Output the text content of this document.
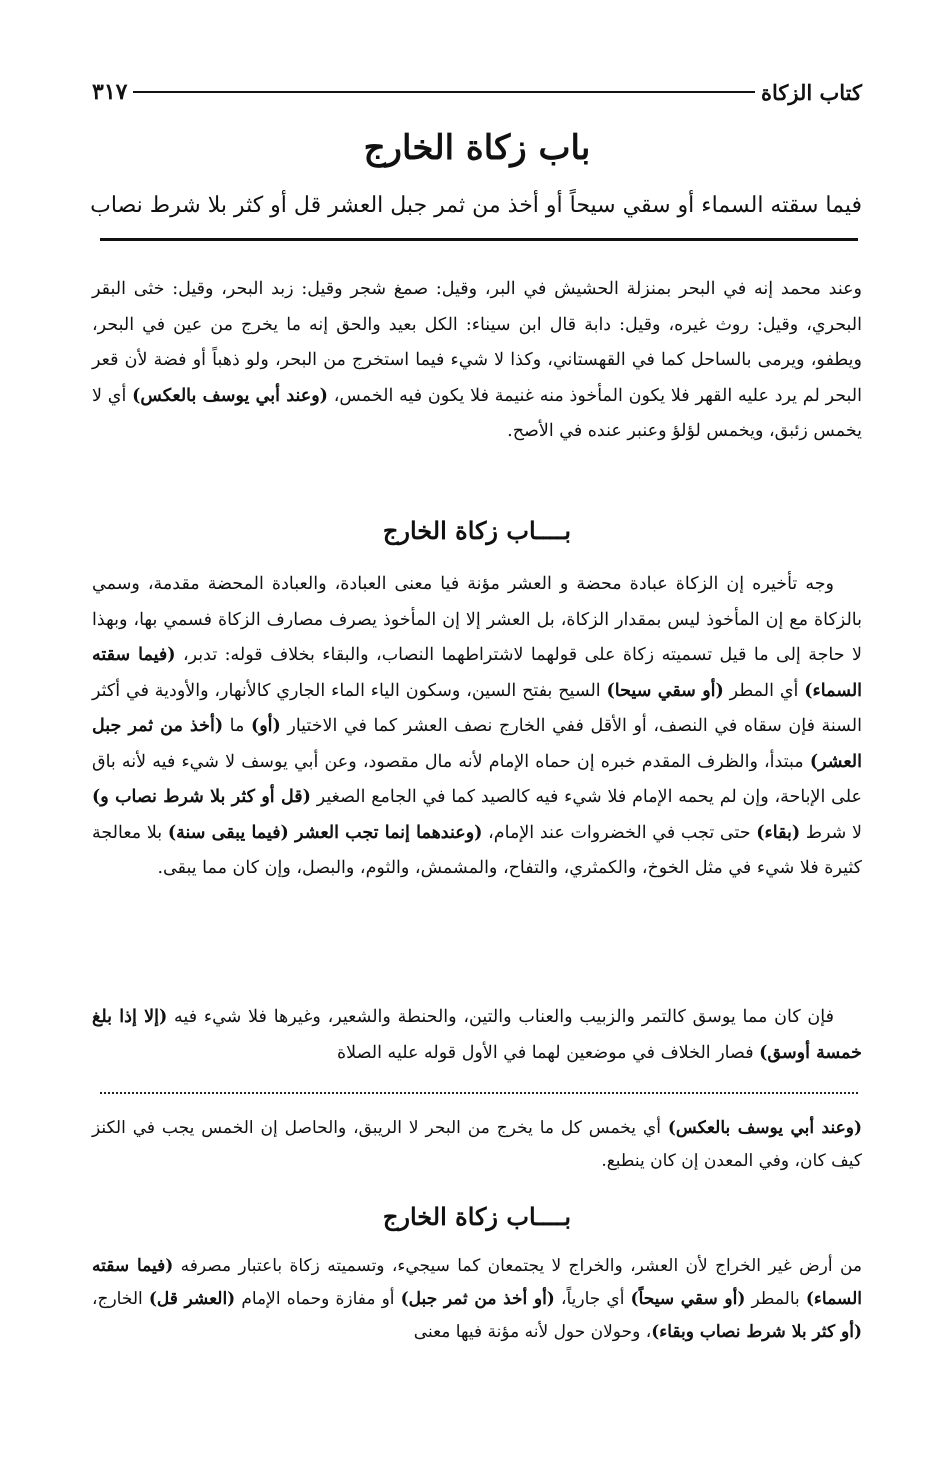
كتاب الزكاة
٣١٧
باب زكاة الخارج
فيما سقته السماء أو سقي سيحاً أو أخذ من ثمر جبل العشر قل أو كثر بلا شرط نصاب

وعند محمد إنه في البحر بمنزلة الحشيش في البر، وقيل: صمغ شجر وقيل: زبد البحر، وقيل: خثى البقر البحري، وقيل: روث غيره، وقيل: دابة قال ابن سيناء: الكل بعيد والحق إنه ما يخرج من عين في البحر، ويطفو، ويرمى بالساحل كما في القهستاني، وكذا لا شيء فيما استخرج من البحر، ولو ذهباً أو فضة لأن قعر البحر لم يرد عليه القهر فلا يكون المأخوذ منه غنيمة فلا يكون فيه الخمس، (وعند أبي يوسف بالعكس) أي لا يخمس زئبق، ويخمس لؤلؤ وعنبر عنده في الأصح.

بــــاب زكاة الخارج

وجه تأخيره إن الزكاة عبادة محضة و العشر مؤنة فيا معنى العبادة، والعبادة المحضة مقدمة، وسمي بالزكاة مع إن المأخوذ ليس بمقدار الزكاة، بل العشر إلا إن المأخوذ يصرف مصارف الزكاة فسمي بها، وبهذا لا حاجة إلى ما قيل تسميته زكاة على قولهما لاشتراطهما النصاب، والبقاء بخلاف قوله: تدبر، (فيما سقته السماء) أي المطر (أو سقي سيحا) السيح بفتح السين، وسكون الياء الماء الجاري كالأنهار، والأودية في أكثر السنة فإن سقاه في النصف، أو الأقل ففي الخارج نصف العشر كما في الاختيار (أو) ما (أخذ من ثمر جبل العشر) مبتدأ، والظرف المقدم خبره إن حماه الإمام لأنه مال مقصود، وعن أبي يوسف لا شيء فيه لأنه باق على الإباحة، وإن لم يحمه الإمام فلا شيء فيه كالصيد كما في الجامع الصغير (قل أو كثر بلا شرط نصاب و) لا شرط (بقاء) حتى تجب في الخضروات عند الإمام، (وعندهما إنما تجب العشر (فيما يبقى سنة) بلا معالجة كثيرة فلا شيء في مثل الخوخ، والكمثري، والتفاح، والمشمش، والثوم، والبصل، وإن كان مما يبقى.

فإن كان مما يوسق كالتمر والزبيب والعناب والتين، والحنطة والشعير، وغيرها فلا شيء فيه (إلا إذا بلغ خمسة أوسق) فصار الخلاف في موضعين لهما في الأول قوله عليه الصلاة

(وعند أبي يوسف بالعكس) أي يخمس كل ما يخرج من البحر لا الريبق، والحاصل إن الخمس يجب في الكنز كيف كان، وفي المعدن إن كان ينطبع.

بــــاب زكاة الخارج

من أرض غير الخراج لأن العشر، والخراج لا يجتمعان كما سيجيء، وتسميته زكاة باعتبار مصرفه (فيما سقته السماء) بالمطر (أو سقي سيحاً) أي جارياً، (أو أخذ من ثمر جبل) أو مفازة وحماه الإمام (العشر قل) الخارج، (أو كثر بلا شرط نصاب وبقاء)، وحولان حول لأنه مؤنة فيها معنى
